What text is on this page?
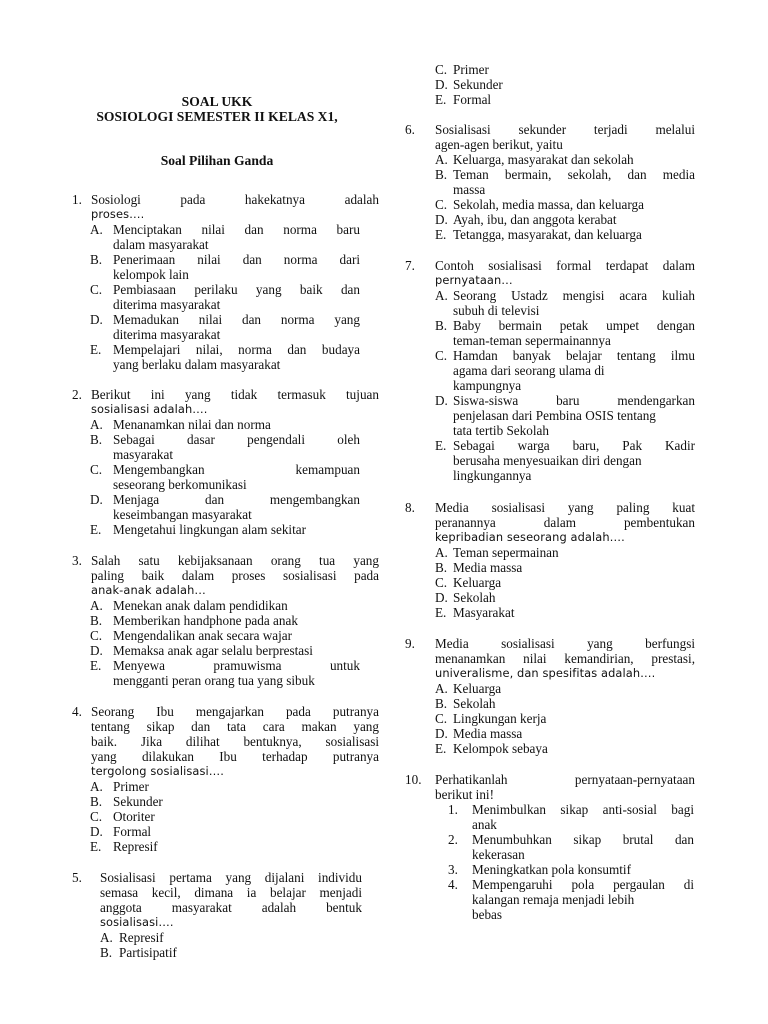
SOAL UKK
SOSIOLOGI SEMESTER II KELAS X1,
Soal Pilihan Ganda
1. Sosiologi pada hakekatnya adalah
proses….
A. Menciptakan nilai dan norma baru
dalam masyarakat
B. Penerimaan nilai dan norma dari
kelompok lain
C. Pembiasaan perilaku yang baik dan
diterima masyarakat
D. Memadukan nilai dan norma yang
diterima masyarakat
E. Mempelajari nilai, norma dan budaya
yang berlaku dalam masyarakat
2. Berikut ini yang tidak termasuk tujuan
sosialisasi adalah….
A. Menanamkan nilai dan norma
B. Sebagai dasar pengendali oleh
masyarakat
C. Mengembangkan kemampuan
seseorang berkomunikasi
D. Menjaga dan mengembangkan
keseimbangan masyarakat
E. Mengetahui lingkungan alam sekitar
3. Salah satu kebijaksanaan orang tua yang
paling baik dalam proses sosialisasi pada
anak-anak adalah…
A. Menekan anak dalam pendidikan
B. Memberikan handphone pada anak
C. Mengendalikan anak secara wajar
D. Memaksa anak agar selalu berprestasi
E. Menyewa pramuwisma untuk
mengganti peran orang tua yang sibuk
4. Seorang Ibu mengajarkan pada putranya
tentang sikap dan tata cara makan yang
baik. Jika dilihat bentuknya, sosialisasi
yang dilakukan Ibu terhadap putranya
tergolong sosialisasi….
A. Primer
B. Sekunder
C. Otoriter
D. Formal
E. Represif
5. Sosialisasi pertama yang dijalani individu
semasa kecil, dimana ia belajar menjadi
anggota masyarakat adalah bentuk
sosialisasi….
A. Represif
B. Partisipatif
C. Primer
D. Sekunder
E. Formal
6. Sosialisasi sekunder terjadi melalui
agen-agen berikut, yaitu
A. Keluarga, masyarakat dan sekolah
B. Teman bermain, sekolah, dan media
massa
C. Sekolah, media massa, dan keluarga
D. Ayah, ibu, dan anggota kerabat
E. Tetangga, masyarakat, dan keluarga
7. Contoh sosialisasi formal terdapat dalam
pernyataan…
A. Seorang Ustadz mengisi acara kuliah
subuh di televisi
B. Baby bermain petak umpet dengan
teman-teman sepermainannya
C. Hamdan banyak belajar tentang ilmu
agama dari seorang ulama di
kampungnya
D. Siswa-siswa baru mendengarkan
penjelasan dari Pembina OSIS tentang
tata tertib Sekolah
E. Sebagai warga baru, Pak Kadir
berusaha menyesuaikan diri dengan
lingkungannya
8. Media sosialisasi yang paling kuat
peranannya dalam pembentukan
kepribadian seseorang adalah….
A. Teman sepermainan
B. Media massa
C. Keluarga
D. Sekolah
E. Masyarakat
9. Media sosialisasi yang berfungsi
menanamkan nilai kemandirian, prestasi,
univeralisme, dan spesifitas adalah….
A. Keluarga
B. Sekolah
C. Lingkungan kerja
D. Media massa
E. Kelompok sebaya
10. Perhatikanlah pernyataan-pernyataan
berikut ini!
1. Menimbulkan sikap anti-sosial bagi
anak
2. Menumbuhkan sikap brutal dan
kekerasan
3. Meningkatkan pola konsumtif
4. Mempengaruhi pola pergaulan di
kalangan remaja menjadi lebih
bebas
